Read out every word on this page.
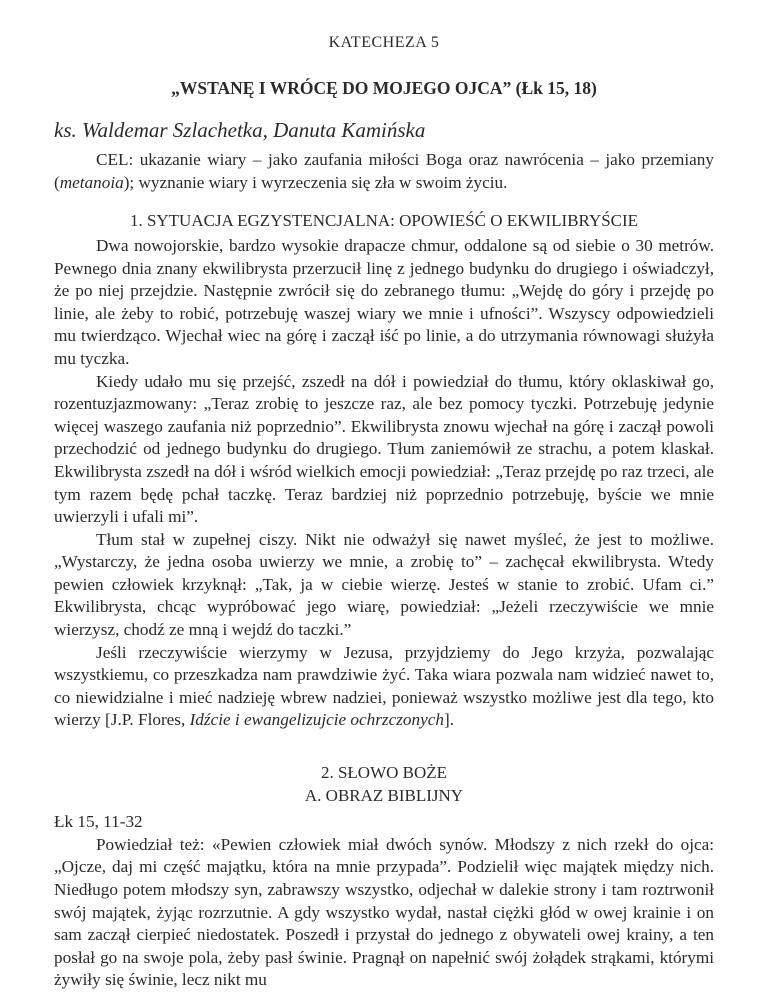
KATECHEZA 5
„WSTANĘ I WRÓCĘ DO MOJEGO OJCA” (Łk 15, 18)
ks. Waldemar Szlachetka, Danuta Kamińska

CEL: ukazanie wiary – jako zaufania miłości Boga oraz nawrócenia – jako przemiany (metanoia); wyznanie wiary i wyrzeczenia się zła w swoim życiu.

1. SYTUACJA EGZYSTENCJALNA: OPOWIEŚĆ O EKWILIBRYŚCIE

Dwa nowojorskie, bardzo wysokie drapacze chmur, oddalone są od siebie o 30 metrów. Pewnego dnia znany ekwilibrysta przerzucił linę z jednego budynku do drugiego i oświadczył, że po niej przejdzie. Następnie zwrócił się do zebranego tłumu: „Wejdę do góry i przejdę po linie, ale żeby to robić, potrzebuję waszej wiary we mnie i ufności”. Wszyscy odpowiedzieli mu twierdząco. Wjechał wiec na górę i zaczął iść po linie, a do utrzymania równowagi służyła mu tyczka.

Kiedy udało mu się przejść, zszedł na dół i powiedział do tłumu, który oklaskiwał go, rozentuzjazmowany: „Teraz zrobię to jeszcze raz, ale bez pomocy tyczki. Potrzebuję jedynie więcej waszego zaufania niż poprzednio”. Ekwilibrysta znowu wjechał na górę i zaczął powoli przechodzić od jednego budynku do drugiego. Tłum zaniemówił ze strachu, a potem klaskał. Ekwilibrysta zszedł na dół i wśród wielkich emocji powiedział: „Teraz przejdę po raz trzeci, ale tym razem będę pchał taczkę. Teraz bardziej niż poprzednio potrzebuję, byście we mnie uwierzyli i ufali mi”.

Tłum stał w zupełnej ciszy. Nikt nie odważył się nawet myśleć, że jest to możliwe. „Wystarczy, że jedna osoba uwierzy we mnie, a zrobię to” – zachęcał ekwilibrysta. Wtedy pewien człowiek krzyknął: „Tak, ja w ciebie wierzę. Jesteś w stanie to zrobić. Ufam ci.” Ekwilibrysta, chcąc wypróbować jego wiarę, powiedział: „Jeżeli rzeczywiście we mnie wierzysz, chodź ze mną i wejdź do taczki.”

Jeśli rzeczywiście wierzymy w Jezusa, przyjdziemy do Jego krzyża, pozwalając wszystkiemu, co przeszkadza nam prawdziwie żyć. Taka wiara pozwala nam widzieć nawet to, co niewidzialne i mieć nadzieję wbrew nadziei, ponieważ wszystko możliwe jest dla tego, kto wierzy [J.P. Flores, Idźcie i ewangelizujcie ochrzczonych].

2. SŁOWO BOŻE
A. OBRAZ BIBLIJNY

Łk 15, 11-32

Powiedział też: «Pewien człowiek miał dwóch synów. Młodszy z nich rzekł do ojca: „Ojcze, daj mi część majątku, która na mnie przypada”. Podzielił więc majątek między nich. Niedługo potem młodszy syn, zabrawszy wszystko, odjechał w dalekie strony i tam roztrwonił swój majątek, żyjąc rozrzutnie. A gdy wszystko wydał, nastał ciężki głód w owej krainie i on sam zaczął cierpieć niedostatek. Poszedł i przystał do jednego z obywateli owej krainy, a ten posłał go na swoje pola, żeby pasł świnie. Pragnął on napełnić swój żołądek strąkami, którymi żywiły się świnie, lecz nikt mu
